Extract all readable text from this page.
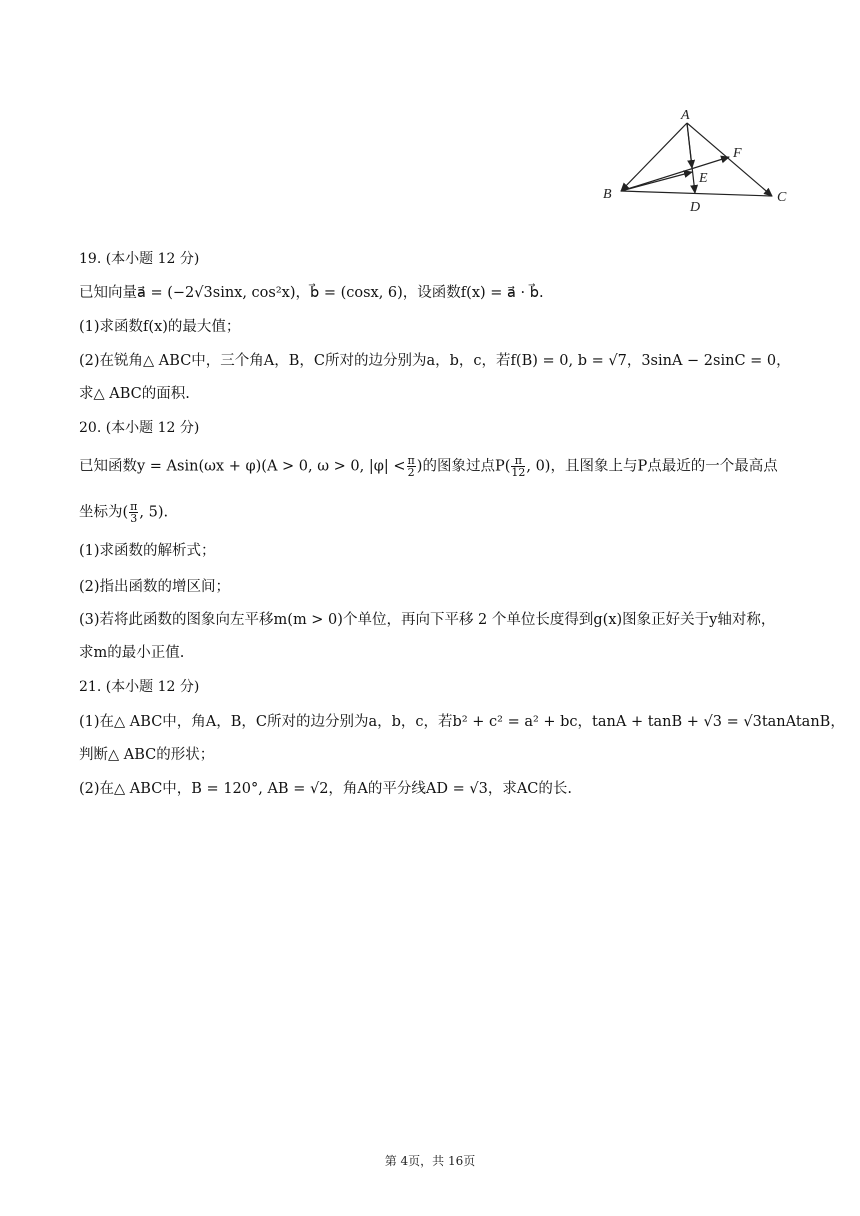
A
B	C
D
E
F
19. (本小题 12 分)
已知向量a⃗ = (−2√3sinx, cos²x)，b⃗ = (cosx, 6)，设函数f(x) = a⃗ · b⃗.
(1)求函数f(x)的最大值；
(2)在锐角△ ABC中，三个角A，B，C所对的边分别为a，b，c，若f(B) = 0, b = √7，3sinA − 2sinC = 0，
求△ ABC的面积.
20. (本小题 12 分)
已知函数y = Asin(ωx + φ)(A > 0, ω > 0, $|\varphi| < \frac{\pi}{2}$ )的图象过点$P( \frac{\pi}{12}$ , 0)，且图象上与P点最近的一个最高点
坐标为( $\frac{\pi}{3}$ , 5).
(1)求函数的解析式；
(2)指出函数的增区间；
(3)若将此函数的图象向左平移m(m > 0)个单位，再向下平移 2 个单位长度得到g(x)图象正好关于y轴对称，
求m的最小正值.
21. (本小题 12 分)
(1)在△ ABC中，角A，B，C所对的边分别为a，b，c，若b² + c² = a² + bc，tanA + tanB + √3 = √3tanAtanB，
判断△ ABC的形状；
(2)在△ ABC中，B = 120°, AB = √2，角A的平分线AD = √3，求AC的长.
第 4页，共 16页
